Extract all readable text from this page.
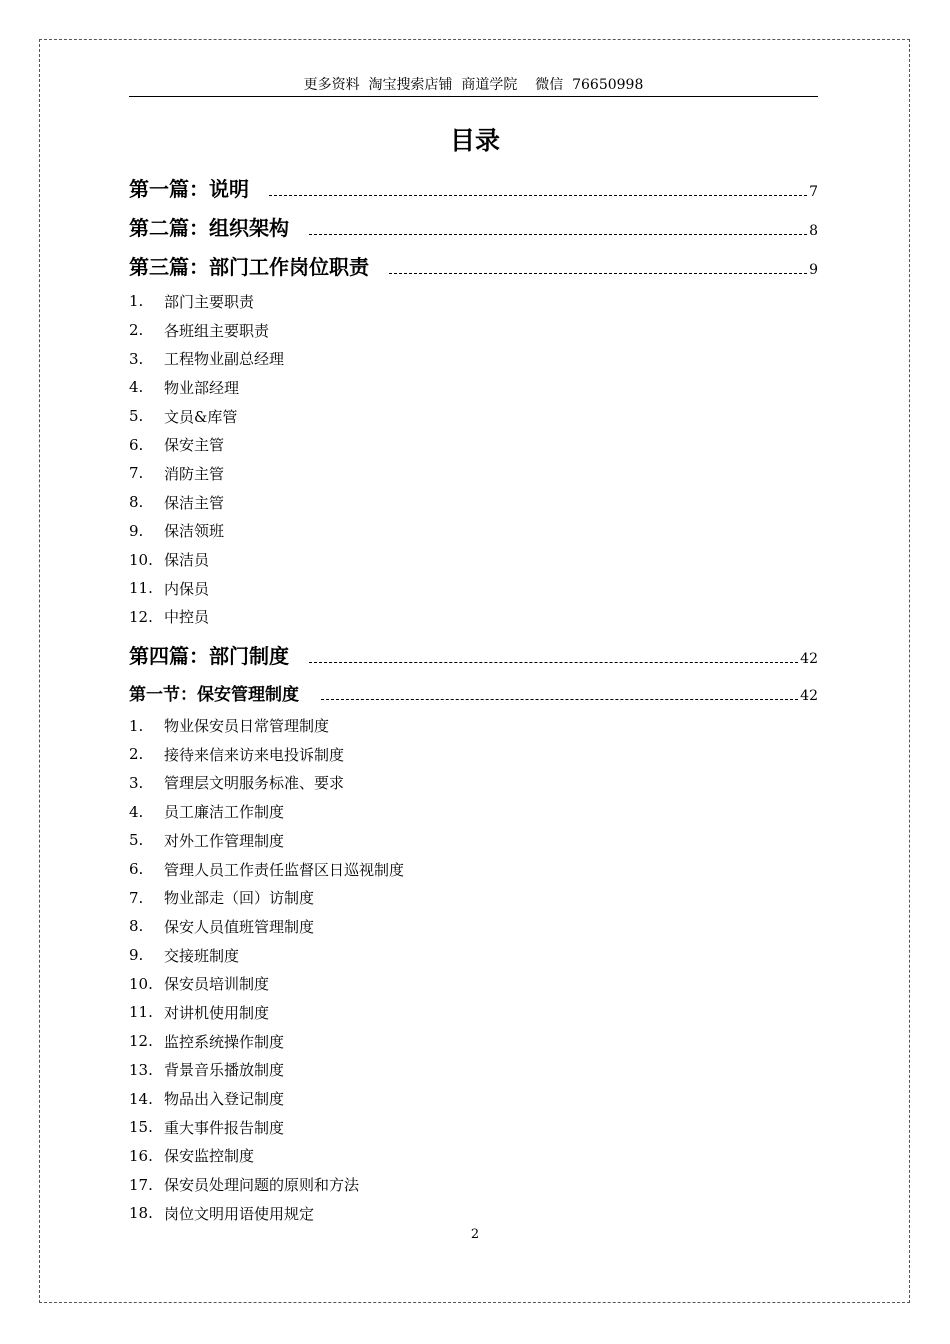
更多资料  淘宝搜索店铺  商道学院    微信  76650998
目录
第一篇：说明	7
第二篇：组织架构	8
第三篇：部门工作岗位职责	9
1.	部门主要职责
2.	各班组主要职责
3.	工程物业副总经理
4.	物业部经理
5.	文员&库管
6.	保安主管
7.	消防主管
8.	保洁主管
9.	保洁领班
10. 保洁员
11. 内保员
12. 中控员
第四篇：部门制度	42
第一节：保安管理制度	42
1.	物业保安员日常管理制度
2.	接待来信来访来电投诉制度
3.	管理层文明服务标准、要求
4.	员工廉洁工作制度
5.	对外工作管理制度
6.	管理人员工作责任监督区日巡视制度
7.	物业部走（回）访制度
8.	保安人员值班管理制度
9.	交接班制度
10. 保安员培训制度
11. 对讲机使用制度
12. 监控系统操作制度
13. 背景音乐播放制度
14. 物品出入登记制度
15. 重大事件报告制度
16. 保安监控制度
17. 保安员处理问题的原则和方法
18. 岗位文明用语使用规定
2
